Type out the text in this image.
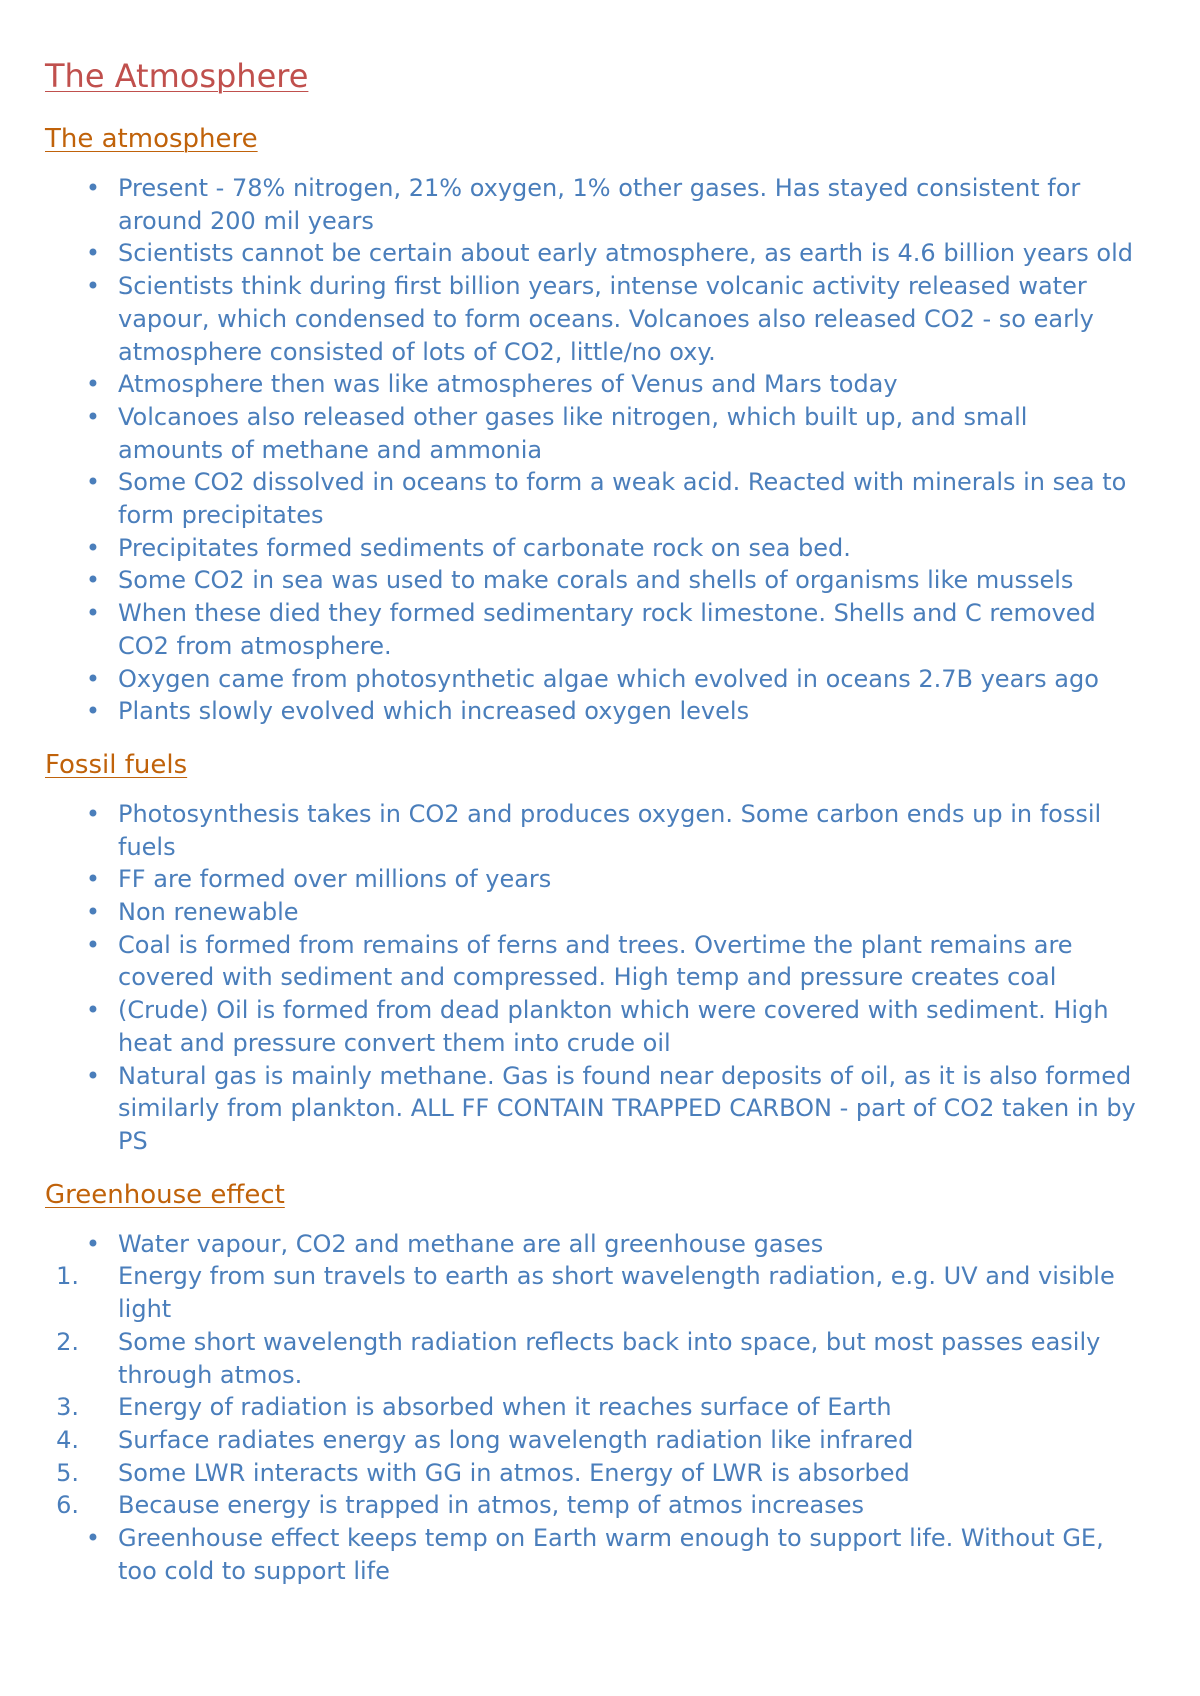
The Atmosphere
The atmosphere
• Present - 78% nitrogen, 21% oxygen, 1% other gases. Has stayed consistent for around 200 mil years
• Scientists cannot be certain about early atmosphere, as earth is 4.6 billion years old
• Scientists think during first billion years, intense volcanic activity released water vapour, which condensed to form oceans. Volcanoes also released CO2 - so early atmosphere consisted of lots of CO2, little/no oxy.
• Atmosphere then was like atmospheres of Venus and Mars today
• Volcanoes also released other gases like nitrogen, which built up, and small amounts of methane and ammonia
• Some CO2 dissolved in oceans to form a weak acid. Reacted with minerals in sea to form precipitates
• Precipitates formed sediments of carbonate rock on sea bed.
• Some CO2 in sea was used to make corals and shells of organisms like mussels
• When these died they formed sedimentary rock limestone. Shells and C removed CO2 from atmosphere.
• Oxygen came from photosynthetic algae which evolved in oceans 2.7B years ago
• Plants slowly evolved which increased oxygen levels
Fossil fuels
• Photosynthesis takes in CO2 and produces oxygen. Some carbon ends up in fossil fuels
• FF are formed over millions of years
• Non renewable
• Coal is formed from remains of ferns and trees. Overtime the plant remains are covered with sediment and compressed. High temp and pressure creates coal
• (Crude) Oil is formed from dead plankton which were covered with sediment. High heat and pressure convert them into crude oil
• Natural gas is mainly methane. Gas is found near deposits of oil, as it is also formed similarly from plankton. ALL FF CONTAIN TRAPPED CARBON - part of CO2 taken in by PS
Greenhouse effect
• Water vapour, CO2 and methane are all greenhouse gases
1. Energy from sun travels to earth as short wavelength radiation, e.g. UV and visible light
2. Some short wavelength radiation reflects back into space, but most passes easily through atmos.
3. Energy of radiation is absorbed when it reaches surface of Earth
4. Surface radiates energy as long wavelength radiation like infrared
5. Some LWR interacts with GG in atmos. Energy of LWR is absorbed
6. Because energy is trapped in atmos, temp of atmos increases
• Greenhouse effect keeps temp on Earth warm enough to support life. Without GE, too cold to support life
